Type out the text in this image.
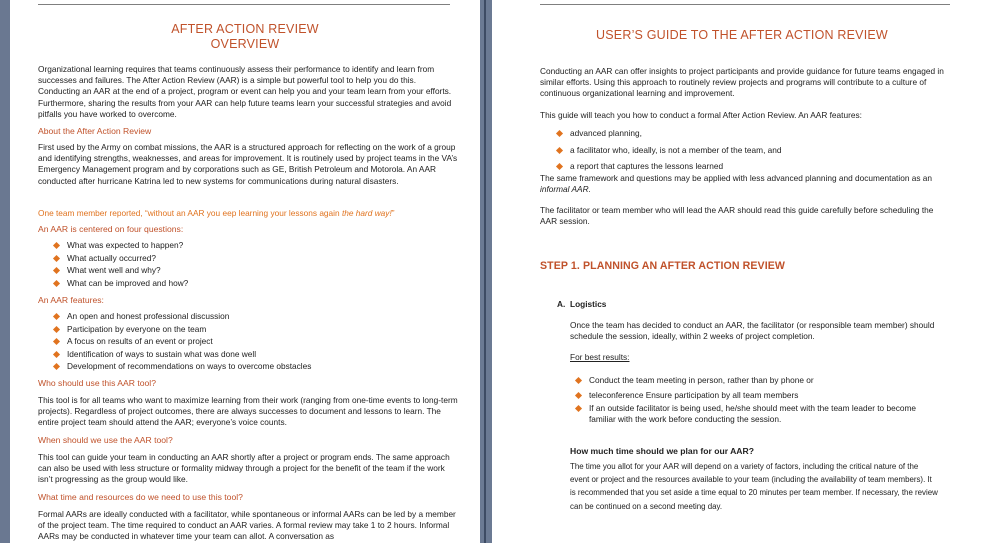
AFTER ACTION REVIEW
OVERVIEW
Organizational learning requires that teams continuously assess their performance to identify and learn from successes and failures. The After Action Review (AAR) is a simple but powerful tool to help you do this. Conducting an AAR at the end of a project, program or event can help you and your team learn from your efforts. Furthermore, sharing the results from your AAR can help future teams learn your successful strategies and avoid pitfalls you have worked to overcome.
About the After Action Review
First used by the Army on combat missions, the AAR is a structured approach for reflecting on the work of a group and identifying strengths, weaknesses, and areas for improvement. It is routinely used by project teams in the VA’s Emergency Management program and by corporations such as GE, British Petroleum and Motorola. An AAR conducted after hurricane Katrina led to new systems for communications during natural disasters.
One team member reported, “without an AAR you eep learning your lessons again the hard way!”
An AAR is centered on four questions:
What was expected to happen?
What actually occurred?
What went well and why?
What can be improved and how?
An AAR features:
An open and honest professional discussion
Participation by everyone on the team
A focus on results of an event or project
Identification of ways to sustain what was done well
Development of recommendations on ways to overcome obstacles
Who should use this AAR tool?
This tool is for all teams who want to maximize learning from their work (ranging from one-time events to long-term projects). Regardless of project outcomes, there are always successes to document and lessons to learn. The entire project team should attend the AAR; everyone’s voice counts.
When should we use the AAR tool?
This tool can guide your team in conducting an AAR shortly after a project or program ends. The same approach can also be used with less structure or formality midway through a project for the benefit of the team if the work isn’t progressing as the group would like.
What time and resources do we need to use this tool?
Formal AARs are ideally conducted with a facilitator, while spontaneous or informal AARs can be led by a member of the project team. The time required to conduct an AAR varies. A formal review may take 1 to 2 hours. Informal AARs may be conducted in whatever time your team can allot. A conversation as
USER’S GUIDE TO THE AFTER ACTION REVIEW
Conducting an AAR can offer insights to project participants and provide guidance for future teams engaged in similar efforts. Using this approach to routinely review projects and programs will contribute to a culture of continuous organizational learning and improvement.
This guide will teach you how to conduct a formal After Action Review. An AAR features:
advanced planning,
a facilitator who, ideally, is not a member of the team, and
a report that captures the lessons learned
The same framework and questions may be applied with less advanced planning and documentation as an informal AAR.
The facilitator or team member who will lead the AAR should read this guide carefully before scheduling the AAR session.
STEP 1. PLANNING AN AFTER ACTION REVIEW
A. Logistics
Once the team has decided to conduct an AAR, the facilitator (or responsible team member) should schedule the session, ideally, within 2 weeks of project completion.
For best results:
Conduct the team meeting in person, rather than by phone or
teleconference Ensure participation by all team members
If an outside facilitator is being used, he/she should meet with the team leader to become familiar with the work before conducting the session.
How much time should we plan for our AAR?
The time you allot for your AAR will depend on a variety of factors, including the critical nature of the event or project and the resources available to your team (including the availability of team members). It is recommended that you set aside a time equal to 20 minutes per team member. If necessary, the review can be continued on a second meeting day.
